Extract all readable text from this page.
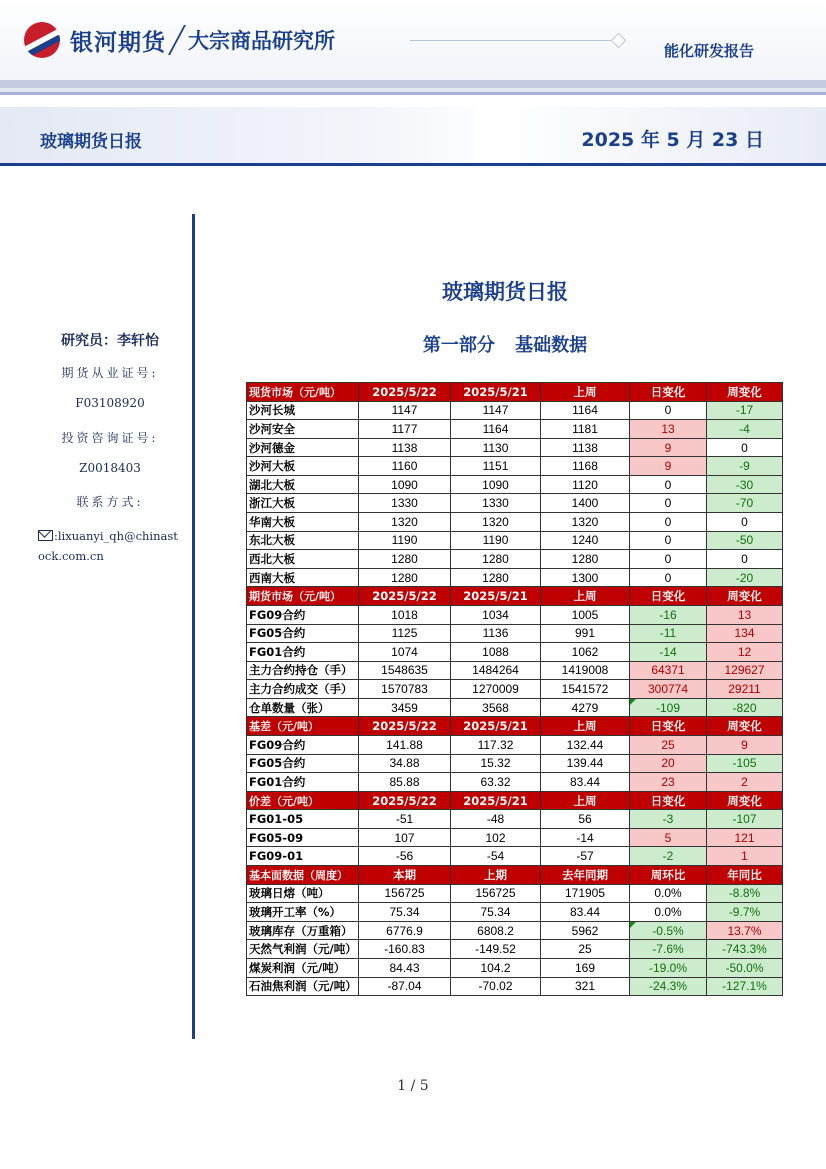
银河期货 大宗商品研究所	能化研发报告
玻璃期货日报	2025 年 5 月 23 日
研究员：李轩怡
期货从业证号:
F03108920
投资咨询证号:
Z0018403
联系方式:
:lixuanyi_qh@chinastock.com.cn
玻璃期货日报
第一部分 基础数据
现货市场（元/吨）	2025/5/22	2025/5/21	上周	日变化	周变化
沙河长城	1147	1147	1164	0	-17
沙河安全	1177	1164	1181	13	-4
沙河德金	1138	1130	1138	9	0
沙河大板	1160	1151	1168	9	-9
湖北大板	1090	1090	1120	0	-30
浙江大板	1330	1330	1400	0	-70
华南大板	1320	1320	1320	0	0
东北大板	1190	1190	1240	0	-50
西北大板	1280	1280	1280	0	0
西南大板	1280	1280	1300	0	-20
期货市场（元/吨）	2025/5/22	2025/5/21	上周	日变化	周变化
FG09合约	1018	1034	1005	-16	13
FG05合约	1125	1136	991	-11	134
FG01合约	1074	1088	1062	-14	12
主力合约持仓（手）	1548635	1484264	1419008	64371	129627
主力合约成交（手）	1570783	1270009	1541572	300774	29211
仓单数量（张）	3459	3568	4279	-109	-820
基差（元/吨）	2025/5/22	2025/5/21	上周	日变化	周变化
FG09合约	141.88	117.32	132.44	25	9
FG05合约	34.88	15.32	139.44	20	-105
FG01合约	85.88	63.32	83.44	23	2
价差（元/吨）	2025/5/22	2025/5/21	上周	日变化	周变化
FG01-05	-51	-48	56	-3	-107
FG05-09	107	102	-14	5	121
FG09-01	-56	-54	-57	-2	1
基本面数据（周度）	本期	上期	去年同期	周环比	年同比
玻璃日熔（吨）	156725	156725	171905	0.0%	-8.8%
玻璃开工率（%）	75.34	75.34	83.44	0.0%	-9.7%
玻璃库存（万重箱）	6776.9	6808.2	5962	-0.5%	13.7%
天然气利润（元/吨）	-160.83	-149.52	25	-7.6%	-743.3%
煤炭利润（元/吨）	84.43	104.2	169	-19.0%	-50.0%
石油焦利润（元/吨）	-87.04	-70.02	321	-24.3%	-127.1%
1 / 5
